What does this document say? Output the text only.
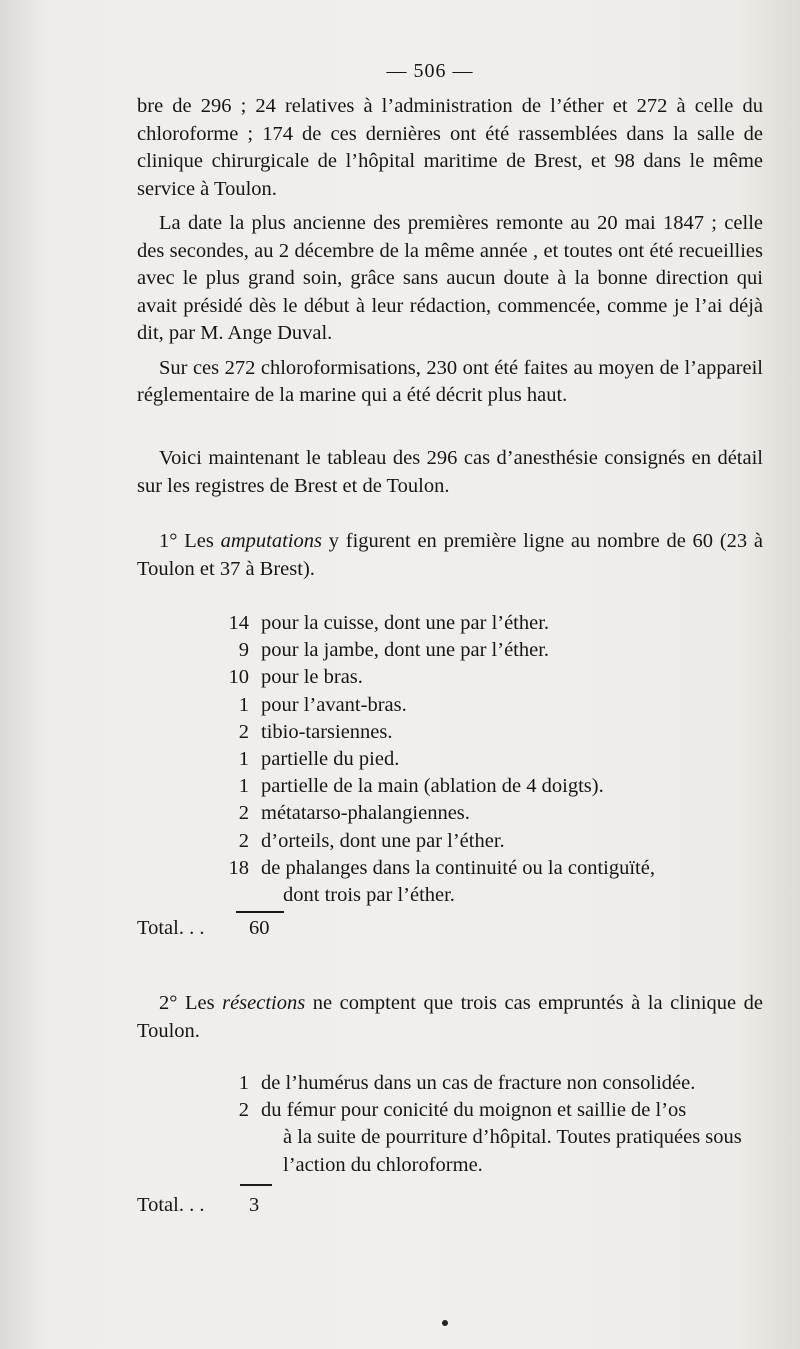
— 506 —

bre de 296 ; 24 relatives à l’administration de l’éther et 272 à celle du chloroforme ; 174 de ces dernières ont été rassemblées dans la salle de clinique chirurgicale de l’hôpital maritime de Brest, et 98 dans le même service à Toulon.

La date la plus ancienne des premières remonte au 20 mai 1847 ; celle des secondes, au 2 décembre de la même année , et toutes ont été recueillies avec le plus grand soin, grâce sans aucun doute à la bonne direction qui avait présidé dès le début à leur rédaction, commencée, comme je l’ai déjà dit, par M. Ange Duval.

Sur ces 272 chloroformisations, 230 ont été faites au moyen de l’appareil réglementaire de la marine qui a été décrit plus haut.

Voici maintenant le tableau des 296 cas d’anesthésie consignés en détail sur les registres de Brest et de Toulon.

1° Les amputations y figurent en première ligne au nombre de 60 (23 à Toulon et 37 à Brest).

14 pour la cuisse, dont une par l’éther.
9 pour la jambe, dont une par l’éther.
10 pour le bras.
1 pour l’avant-bras.
2 tibio-tarsiennes.
1 partielle du pied.
1 partielle de la main (ablation de 4 doigts).
2 métatarso-phalangiennes.
2 d’orteils, dont une par l’éther.
18 de phalanges dans la continuité ou la contiguïté,
dont trois par l’éther.
Total. . . 60

2° Les résections ne comptent que trois cas empruntés à la clinique de Toulon.

1 de l’humérus dans un cas de fracture non consolidée.
2 du fémur pour conicité du moignon et saillie de l’os
à la suite de pourriture d’hôpital. Toutes pratiquées sous l’action du chloroforme.
Total. . . 3
